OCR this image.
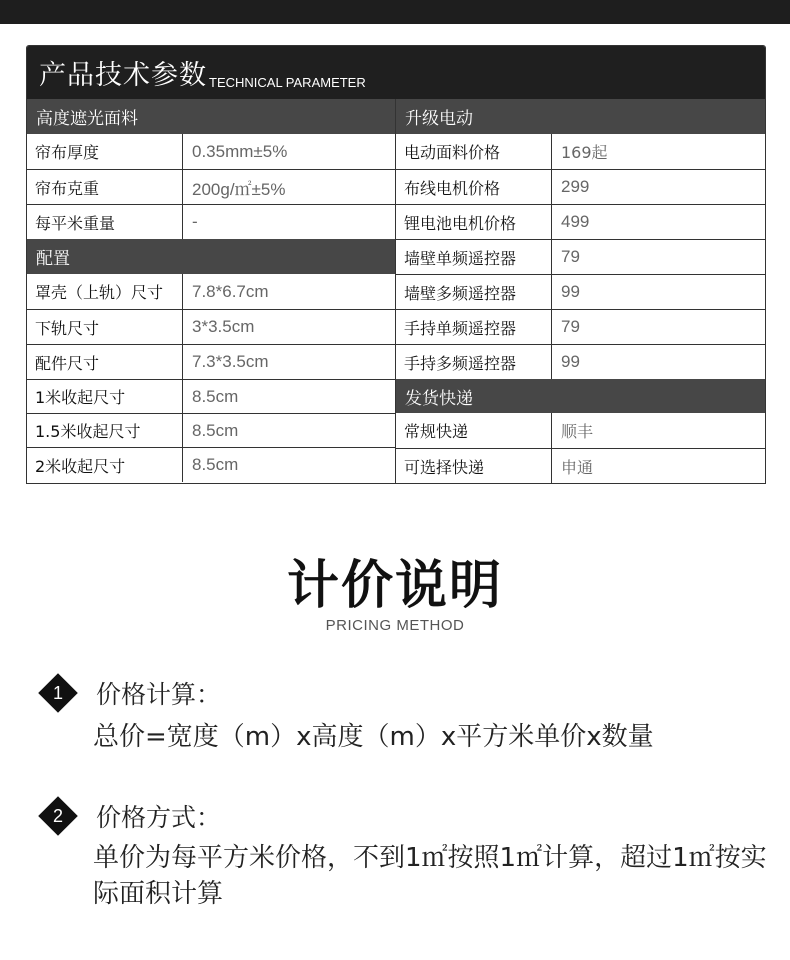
产品技术参数 TECHNICAL PARAMETER
高度遮光面料
帘布厚度	0.35mm±5%
帘布克重	200g/㎡±5%
每平米重量	-
配置
罩壳（上轨）尺寸	7.8*6.7cm
下轨尺寸	3*3.5cm
配件尺寸	7.3*3.5cm
1米收起尺寸	8.5cm
1.5米收起尺寸	8.5cm
2米收起尺寸	8.5cm
升级电动
电动面料价格	169起
布线电机价格	299
锂电池电机价格	499
墙壁单频遥控器	79
墙壁多频遥控器	99
手持单频遥控器	79
手持多频遥控器	99
发货快递
常规快递	顺丰
可选择快递	申通
计价说明
PRICING METHOD
1	价格计算：
总价=宽度（m）x高度（m）x平方米单价x数量
2	价格方式：
单价为每平方米价格，不到1㎡按照1㎡计算，超过1㎡按实际面积计算
